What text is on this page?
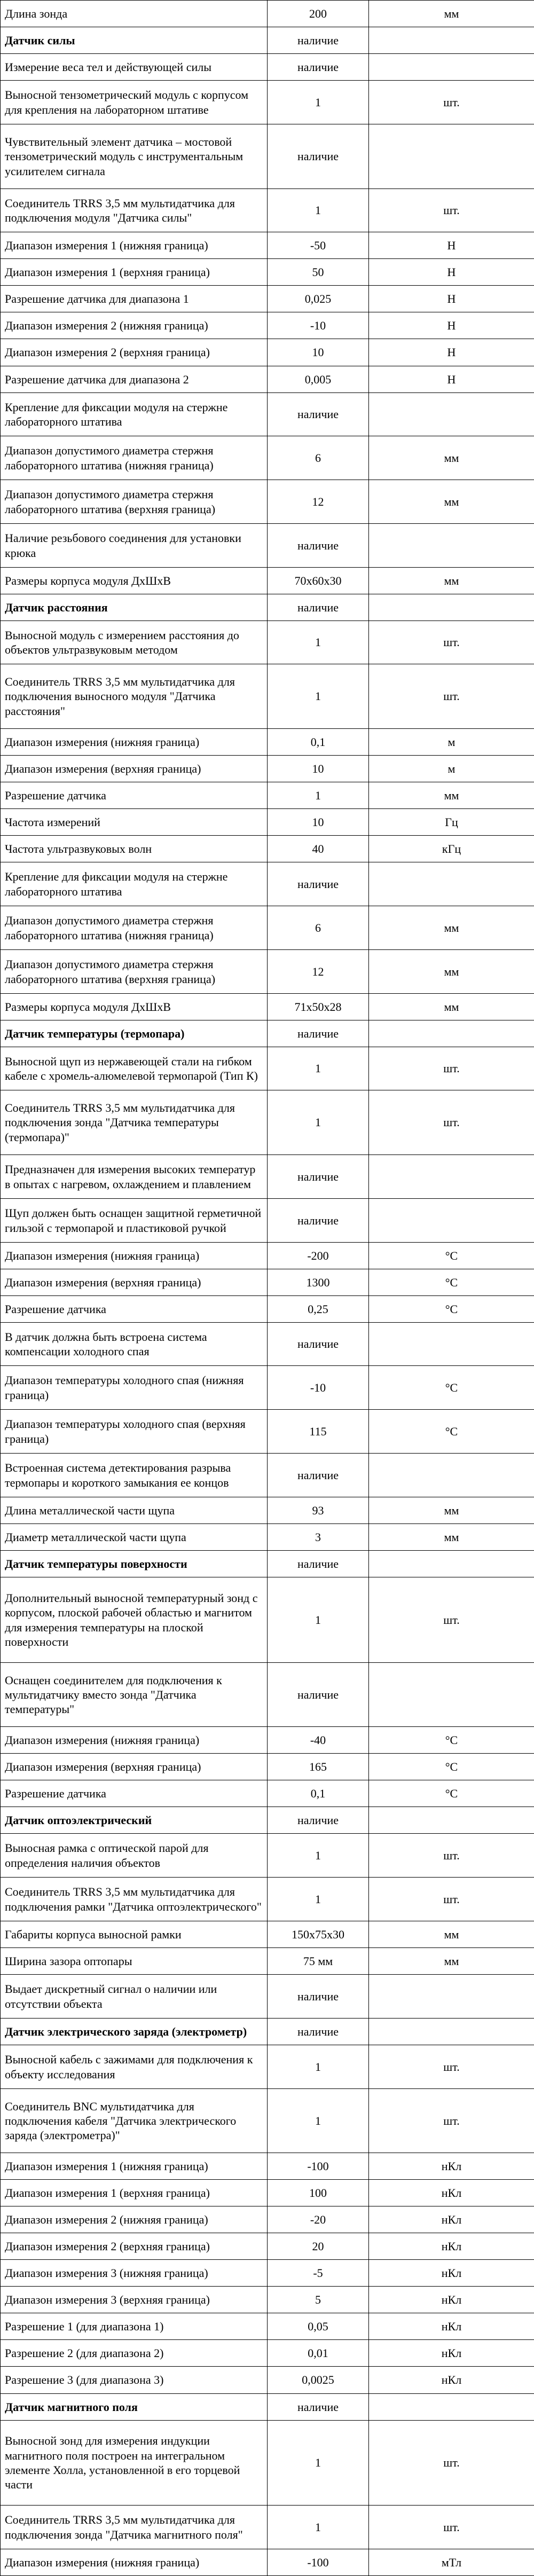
Длина зонда	200	мм
Датчик силы	наличие	
Измерение веса тел и действующей силы	наличие	
Выносной тензометрический модуль с корпусом для крепления на лабораторном штативе	1	шт.
Чувствительный элемент датчика – мостовой тензометрический модуль с инструментальным усилителем сигнала	наличие	
Соединитель TRRS 3,5 мм мультидатчика для подключения модуля "Датчика силы"	1	шт.
Диапазон измерения 1 (нижняя граница)	-50	Н
Диапазон измерения 1 (верхняя граница)	50	Н
Разрешение датчика для диапазона 1	0,025	Н
Диапазон измерения 2 (нижняя граница)	-10	Н
Диапазон измерения 2 (верхняя граница)	10	Н
Разрешение датчика для диапазона 2	0,005	Н
Крепление для фиксации модуля на стержне лабораторного штатива	наличие	
Диапазон допустимого диаметра стержня лабораторного штатива (нижняя граница)	6	мм
Диапазон допустимого диаметра стержня лабораторного штатива (верхняя граница)	12	мм
Наличие резьбового соединения для установки крюка	наличие	
Размеры корпуса модуля ДхШхВ	70х60х30	мм
Датчик расстояния	наличие	
Выносной модуль с измерением расстояния до объектов ультразвуковым методом	1	шт.
Соединитель TRRS 3,5 мм мультидатчика для подключения выносного модуля "Датчика расстояния"	1	шт.
Диапазон измерения (нижняя граница)	0,1	м
Диапазон измерения (верхняя граница)	10	м
Разрешение датчика	1	мм
Частота измерений	10	Гц
Частота ультразвуковых волн	40	кГц
Крепление для фиксации модуля на стержне лабораторного штатива	наличие	
Диапазон допустимого диаметра стержня лабораторного штатива (нижняя граница)	6	мм
Диапазон допустимого диаметра стержня лабораторного штатива (верхняя граница)	12	мм
Размеры корпуса модуля ДхШхВ	71х50х28	мм
Датчик температуры (термопара)	наличие	
Выносной щуп из нержавеющей стали на гибком кабеле с хромель-алюмелевой термопарой (Тип К)	1	шт.
Соединитель TRRS 3,5 мм мультидатчика для подключения зонда "Датчика температуры (термопара)"	1	шт.
Предназначен для измерения высоких температур в опытах с нагревом, охлаждением и плавлением	наличие	
Щуп должен быть оснащен защитной герметичной гильзой с термопарой и пластиковой ручкой	наличие	
Диапазон измерения (нижняя граница)	-200	°С
Диапазон измерения (верхняя граница)	1300	°С
Разрешение датчика	0,25	°С
В датчик должна быть встроена система компенсации холодного спая	наличие	
Диапазон температуры холодного спая (нижняя граница)	-10	°С
Диапазон температуры холодного спая (верхняя граница)	115	°С
Встроенная система детектирования разрыва термопары и короткого замыкания ее концов	наличие	
Длина металлической части щупа	93	мм
Диаметр металлической части щупа	3	мм
Датчик температуры поверхности	наличие	
Дополнительный выносной температурный зонд с корпусом, плоской рабочей областью и магнитом для измерения температуры на плоской поверхности	1	шт.
Оснащен соединителем для подключения к мультидатчику вместо зонда "Датчика температуры"	наличие	
Диапазон измерения (нижняя граница)	-40	°С
Диапазон измерения (верхняя граница)	165	°С
Разрешение датчика	0,1	°С
Датчик оптоэлектрический	наличие	
Выносная рамка с оптической парой для определения наличия объектов	1	шт.
Соединитель TRRS 3,5 мм мультидатчика для подключения рамки "Датчика оптоэлектрического"	1	шт.
Габариты корпуса выносной рамки	150х75х30	мм
Ширина зазора оптопары	75 мм	мм
Выдает дискретный сигнал о наличии или отсутствии объекта	наличие	
Датчик электрического заряда (электрометр)	наличие	
Выносной кабель с зажимами для подключения к объекту исследования	1	шт.
Соединитель BNC мультидатчика для подключения кабеля "Датчика электрического заряда (электрометра)"	1	шт.
Диапазон измерения 1 (нижняя граница)	-100	нКл
Диапазон измерения 1 (верхняя граница)	100	нКл
Диапазон измерения 2 (нижняя граница)	-20	нКл
Диапазон измерения 2 (верхняя граница)	20	нКл
Диапазон измерения 3 (нижняя граница)	-5	нКл
Диапазон измерения 3 (верхняя граница)	5	нКл
Разрешение 1 (для диапазона 1)	0,05	нКл
Разрешение 2 (для диапазона 2)	0,01	нКл
Разрешение 3 (для диапазона 3)	0,0025	нКл
Датчик магнитного поля	наличие	
Выносной зонд для измерения индукции магнитного поля построен на интегральном элементе Холла, установленной в его торцевой части	1	шт.
Соединитель TRRS 3,5 мм мультидатчика для подключения зонда "Датчика магнитного поля"	1	шт.
Диапазон измерения (нижняя граница)	-100	мТл
